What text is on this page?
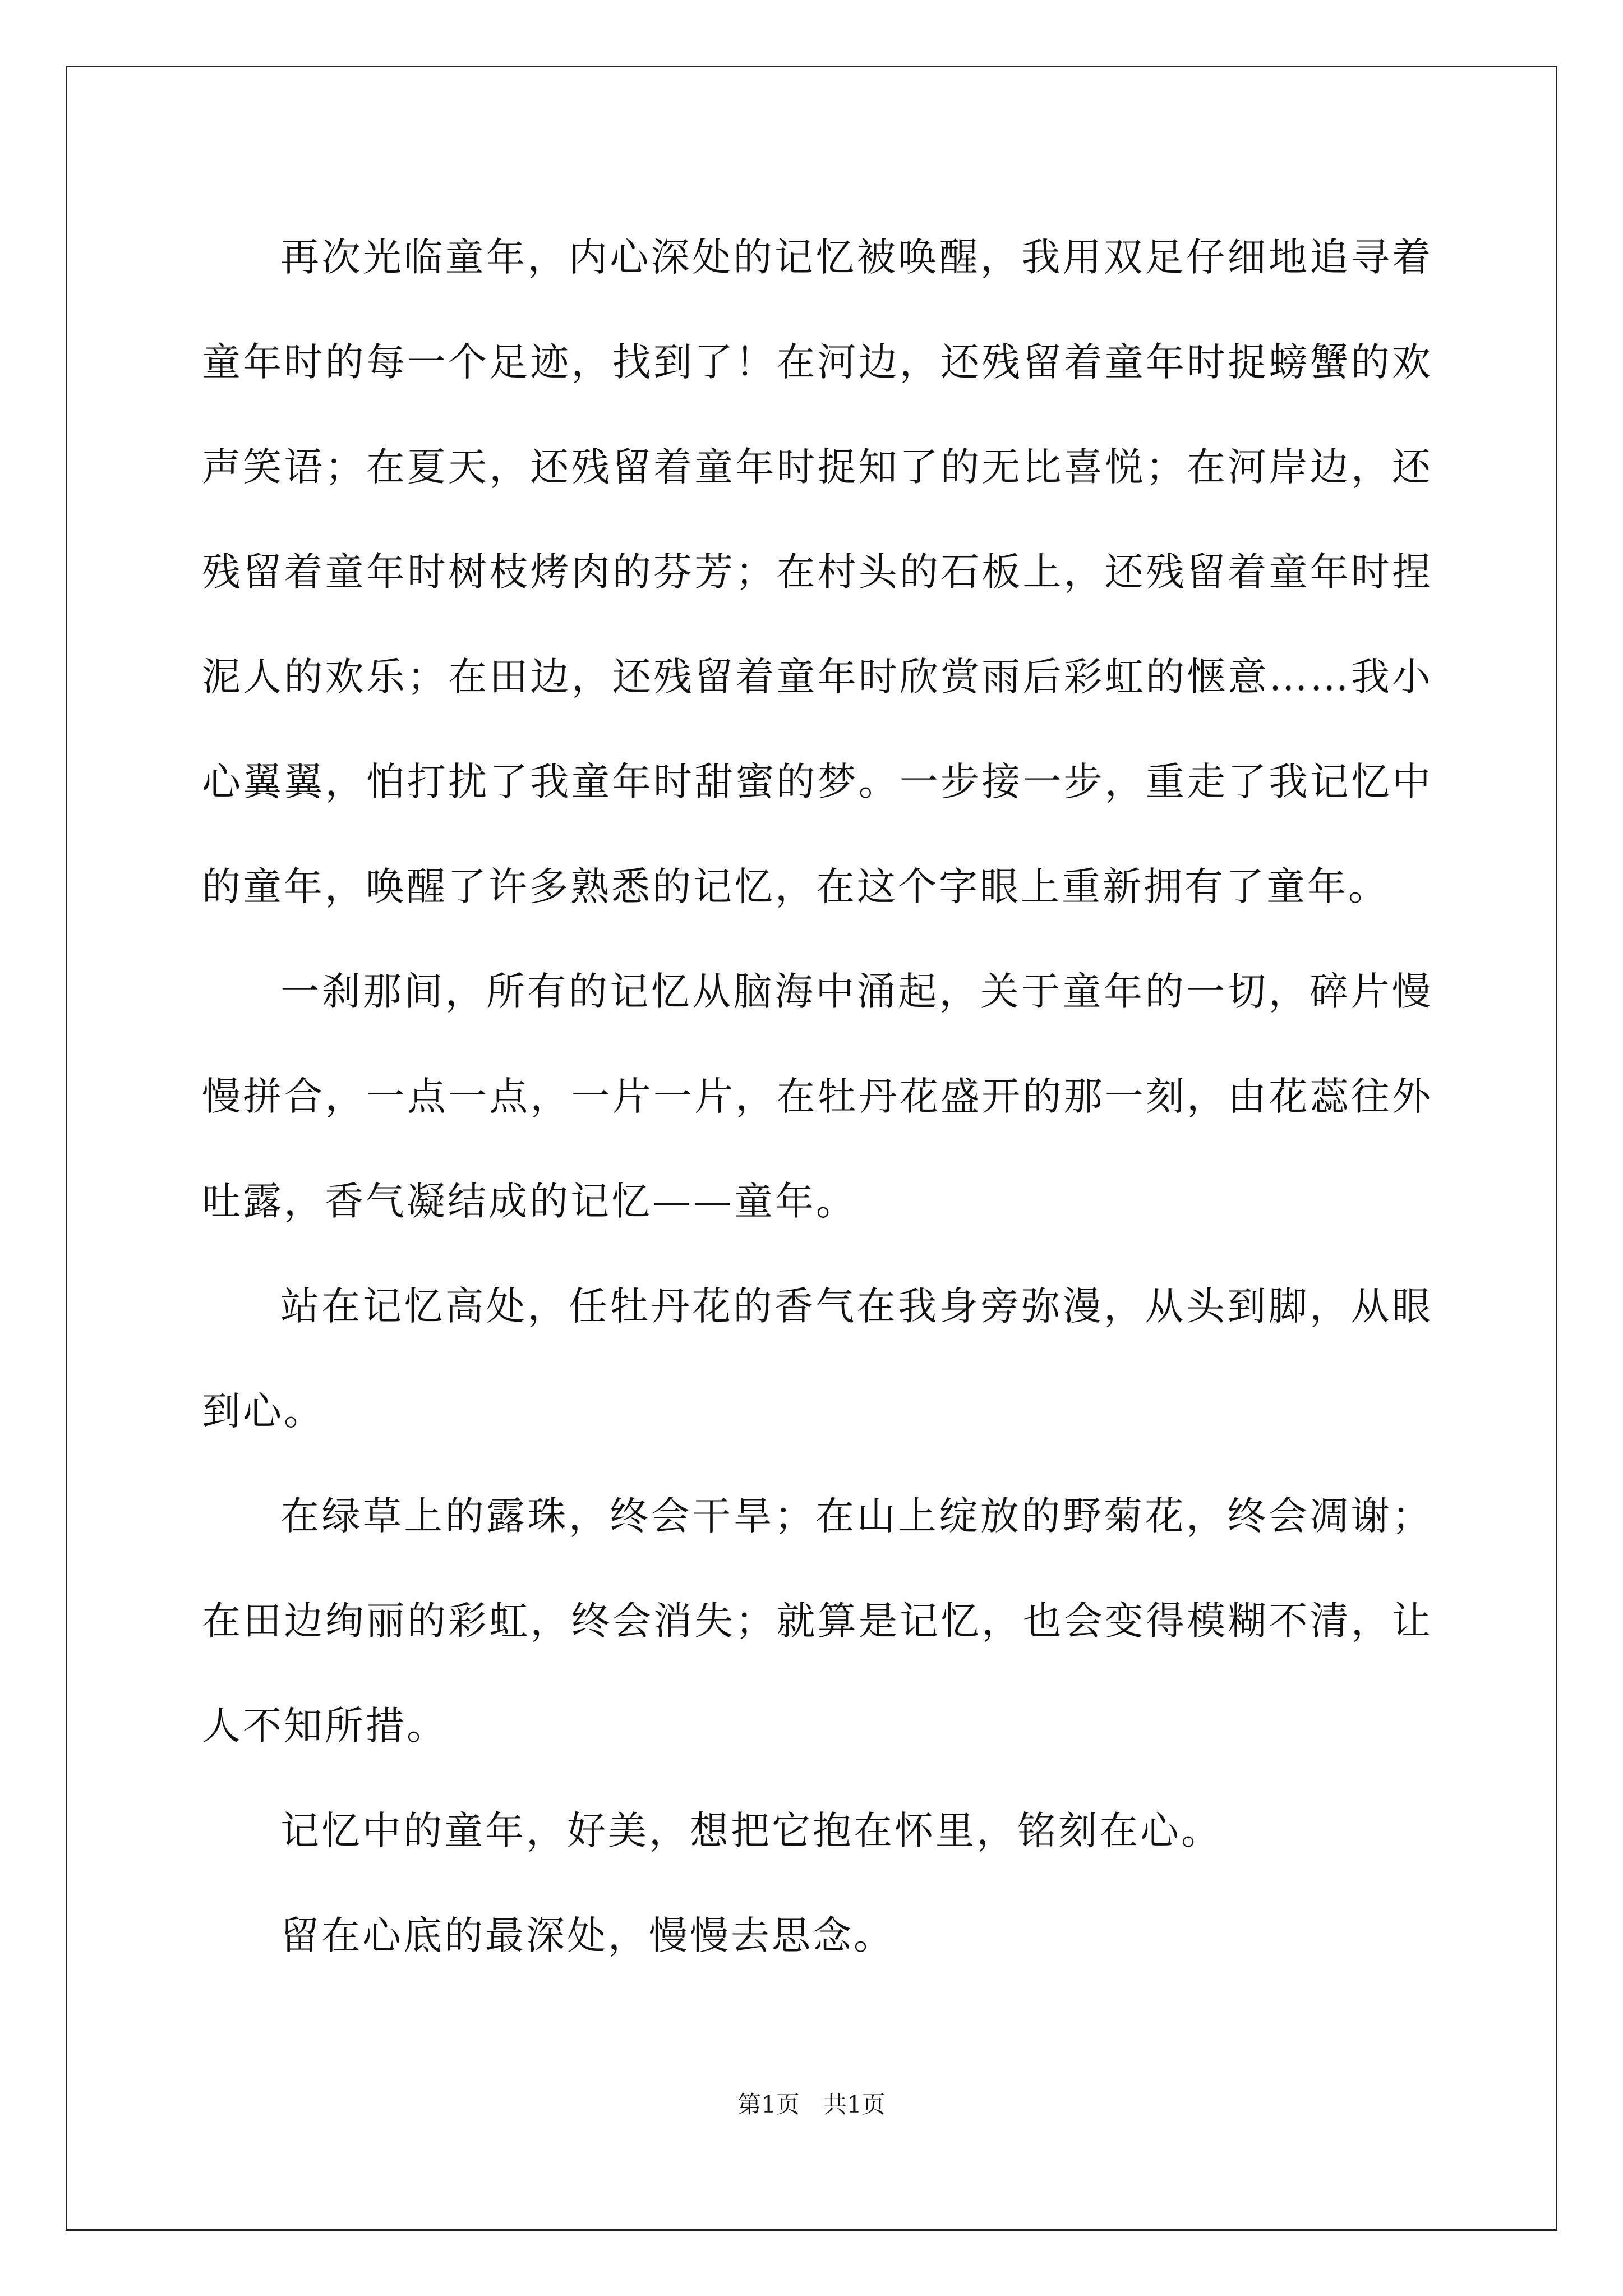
再次光临童年，内心深处的记忆被唤醒，我用双足仔细地追寻着童年时的每一个足迹，找到了！在河边，还残留着童年时捉螃蟹的欢声笑语；在夏天，还残留着童年时捉知了的无比喜悦；在河岸边，还残留着童年时树枝烤肉的芬芳；在村头的石板上，还残留着童年时捏泥人的欢乐；在田边，还残留着童年时欣赏雨后彩虹的惬意……我小心翼翼，怕打扰了我童年时甜蜜的梦。一步接一步，重走了我记忆中的童年，唤醒了许多熟悉的记忆，在这个字眼上重新拥有了童年。

一刹那间，所有的记忆从脑海中涌起，关于童年的一切，碎片慢慢拼合，一点一点，一片一片，在牡丹花盛开的那一刻，由花蕊往外吐露，香气凝结成的记忆——童年。

站在记忆高处，任牡丹花的香气在我身旁弥漫，从头到脚，从眼到心。

在绿草上的露珠，终会干旱；在山上绽放的野菊花，终会凋谢；在田边绚丽的彩虹，终会消失；就算是记忆，也会变得模糊不清，让人不知所措。

记忆中的童年，好美，想把它抱在怀里，铭刻在心。

留在心底的最深处，慢慢去思念。

第1页　共1页
